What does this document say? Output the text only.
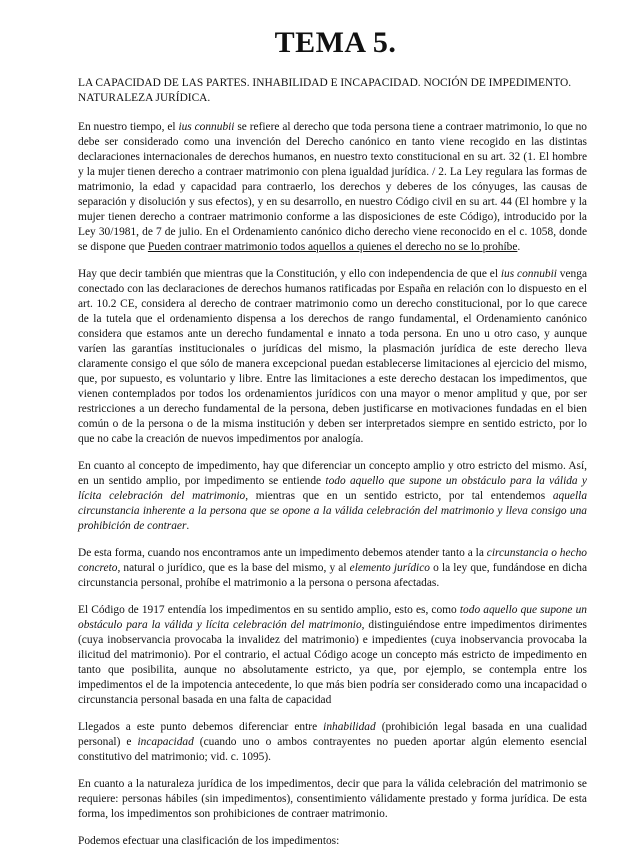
TEMA 5.
LA CAPACIDAD DE LAS PARTES. INHABILIDAD E INCAPACIDAD. NOCIÓN DE IMPEDIMENTO. NATURALEZA JURÍDICA.

En nuestro tiempo, el ius connubii se refiere al derecho que toda persona tiene a contraer matrimonio, lo que no debe ser considerado como una invención del Derecho canónico en tanto viene recogido en las distintas declaraciones internacionales de derechos humanos, en nuestro texto constitucional en su art. 32 (1. El hombre y la mujer tienen derecho a contraer matrimonio con plena igualdad jurídica. / 2. La Ley regulara las formas de matrimonio, la edad y capacidad para contraerlo, los derechos y deberes de los cónyuges, las causas de separación y disolución y sus efectos), y en su desarrollo, en nuestro Código civil en su art. 44 (El hombre y la mujer tienen derecho a contraer matrimonio conforme a las disposiciones de este Código), introducido por la Ley 30/1981, de 7 de julio. En el Ordenamiento canónico dicho derecho viene reconocido en el c. 1058, donde se dispone que Pueden contraer matrimonio todos aquellos a quienes el derecho no se lo prohíbe.

Hay que decir también que mientras que la Constitución, y ello con independencia de que el ius connubii venga conectado con las declaraciones de derechos humanos ratificadas por España en relación con lo dispuesto en el art. 10.2 CE, considera al derecho de contraer matrimonio como un derecho constitucional, por lo que carece de la tutela que el ordenamiento dispensa a los derechos de rango fundamental, el Ordenamiento canónico considera que estamos ante un derecho fundamental e innato a toda persona. En uno u otro caso, y aunque varíen las garantías institucionales o jurídicas del mismo, la plasmación jurídica de este derecho lleva claramente consigo el que sólo de manera excepcional puedan establecerse limitaciones al ejercicio del mismo, que, por supuesto, es voluntario y libre. Entre las limitaciones a este derecho destacan los impedimentos, que vienen contemplados por todos los ordenamientos jurídicos con una mayor o menor amplitud y que, por ser restricciones a un derecho fundamental de la persona, deben justificarse en motivaciones fundadas en el bien común o de la persona o de la misma institución y deben ser interpretados siempre en sentido estricto, por lo que no cabe la creación de nuevos impedimentos por analogía.

En cuanto al concepto de impedimento, hay que diferenciar un concepto amplio y otro estricto del mismo. Así, en un sentido amplio, por impedimento se entiende todo aquello que supone un obstáculo para la válida y lícita celebración del matrimonio, mientras que en un sentido estricto, por tal entendemos aquella circunstancia inherente a la persona que se opone a la válida celebración del matrimonio y lleva consigo una prohibición de contraer.

De esta forma, cuando nos encontramos ante un impedimento debemos atender tanto a la circunstancia o hecho concreto, natural o jurídico, que es la base del mismo, y al elemento jurídico o la ley que, fundándose en dicha circunstancia personal, prohíbe el matrimonio a la persona o persona afectadas.

El Código de 1917 entendía los impedimentos en su sentido amplio, esto es, como todo aquello que supone un obstáculo para la válida y lícita celebración del matrimonio, distinguiéndose entre impedimentos dirimentes (cuya inobservancia provocaba la invalidez del matrimonio) e impedientes (cuya inobservancia provocaba la ilicitud del matrimonio). Por el contrario, el actual Código acoge un concepto más estricto de impedimento en tanto que posibilita, aunque no absolutamente estricto, ya que, por ejemplo, se contempla entre los impedimentos el de la impotencia antecedente, lo que más bien podría ser considerado como una incapacidad o circunstancia personal basada en una falta de capacidad

Llegados a este punto debemos diferenciar entre inhabilidad (prohibición legal basada en una cualidad personal) e incapacidad (cuando uno o ambos contrayentes no pueden aportar algún elemento esencial constitutivo del matrimonio; vid. c. 1095).

En cuanto a la naturaleza jurídica de los impedimentos, decir que para la válida celebración del matrimonio se requiere: personas hábiles (sin impedimentos), consentimiento válidamente prestado y forma jurídica. De esta forma, los impedimentos son prohibiciones de contraer matrimonio.

Podemos efectuar una clasificación de los impedimentos:
